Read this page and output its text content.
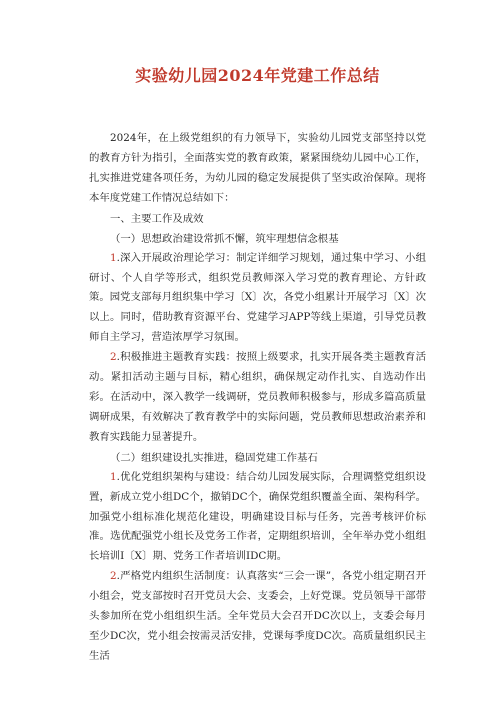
实验幼儿园2024年党建工作总结

2024年，在上级党组织的有力领导下，实验幼儿园党支部坚持以党的教育方针为指引，全面落实党的教育政策，紧紧围绕幼儿园中心工作，扎实推进党建各项任务，为幼儿园的稳定发展提供了坚实政治保障。现将本年度党建工作情况总结如下：

一、主要工作及成效

（一）思想政治建设常抓不懈，筑牢理想信念根基

1.深入开展政治理论学习：制定详细学习规划，通过集中学习、小组研讨、个人自学等形式，组织党员教师深入学习党的教育理论、方针政策。园党支部每月组织集中学习〔X〕次，各党小组累计开展学习〔X〕次以上。同时，借助教育资源平台、党建学习APP等线上渠道，引导党员教师自主学习，营造浓厚学习氛围。

2.积极推进主题教育实践：按照上级要求，扎实开展各类主题教育活动。紧扣活动主题与目标，精心组织，确保规定动作扎实、自选动作出彩。在活动中，深入教学一线调研，党员教师积极参与，形成多篇高质量调研成果，有效解决了教育教学中的实际问题，党员教师思想政治素养和教育实践能力显著提升。

（二）组织建设扎实推进，稳固党建工作基石

1.优化党组织架构与建设：结合幼儿园发展实际，合理调整党组织设置，新成立党小组DC个，撤销DC个，确保党组织覆盖全面、架构科学。加强党小组标准化规范化建设，明确建设目标与任务，完善考核评价标准。选优配强党小组长及党务工作者，定期组织培训，全年举办党小组组长培训I〔X〕期、党务工作者培训IDC期。

2.严格党内组织生活制度：认真落实“三会一课”，各党小组定期召开小组会，党支部按时召开党员大会、支委会，上好党课。党员领导干部带头参加所在党小组组织生活。全年党员大会召开DC次以上，支委会每月至少DC次，党小组会按需灵活安排，党课每季度DC次。高质量组织民主生活
